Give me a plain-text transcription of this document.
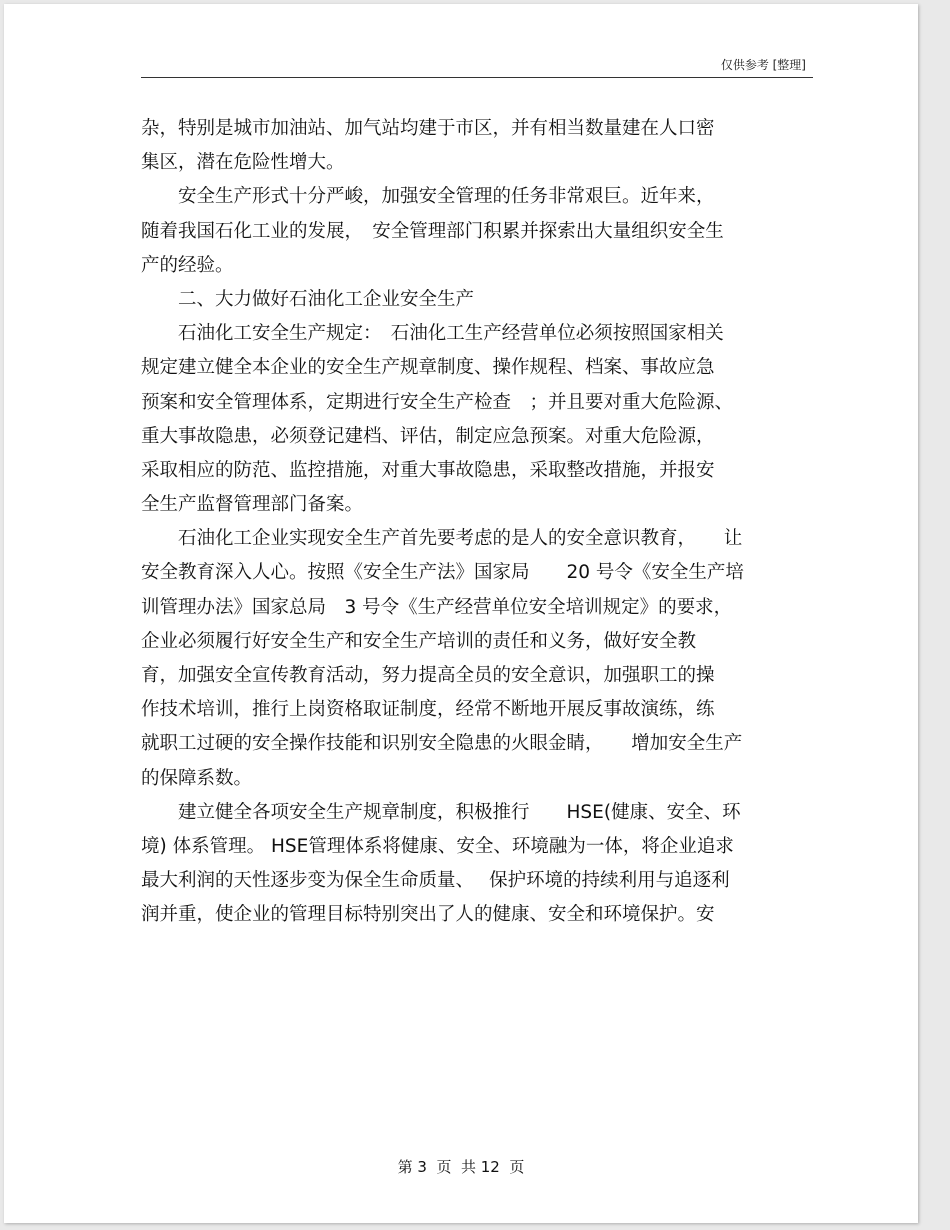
仅供参考 [整理]
杂，特别是城市加油站、加气站均建于市区，并有相当数量建在人口密
集区，潜在危险性增大。
　　安全生产形式十分严峻，加强安全管理的任务非常艰巨。近年来，
随着我国石化工业的发展，　安全管理部门积累并探索出大量组织安全生
产的经验。
　　二、大力做好石油化工企业安全生产
　　石油化工安全生产规定：　石油化工生产经营单位必须按照国家相关
规定建立健全本企业的安全生产规章制度、操作规程、档案、事故应急
预案和安全管理体系，定期进行安全生产检查　；并且要对重大危险源、
重大事故隐患，必须登记建档、评估，制定应急预案。对重大危险源，
采取相应的防范、监控措施，对重大事故隐患，采取整改措施，并报安
全生产监督管理部门备案。
　　石油化工企业实现安全生产首先要考虑的是人的安全意识教育，　　让
安全教育深入人心。按照《安全生产法》国家局　　20 号令《安全生产培
训管理办法》国家总局　3 号令《生产经营单位安全培训规定》的要求，
企业必须履行好安全生产和安全生产培训的责任和义务，做好安全教
育，加强安全宣传教育活动，努力提高全员的安全意识，加强职工的操
作技术培训，推行上岗资格取证制度，经常不断地开展反事故演练，练
就职工过硬的安全操作技能和识别安全隐患的火眼金睛，　　增加安全生产
的保障系数。
　　建立健全各项安全生产规章制度，积极推行　　HSE(健康、安全、环
境) 体系管理。 HSE管理体系将健康、安全、环境融为一体，将企业追求
最大利润的天性逐步变为保全生命质量、　 保护环境的持续利用与追逐利
润并重，使企业的管理目标特别突出了人的健康、安全和环境保护。安
第 3  页  共 12  页
